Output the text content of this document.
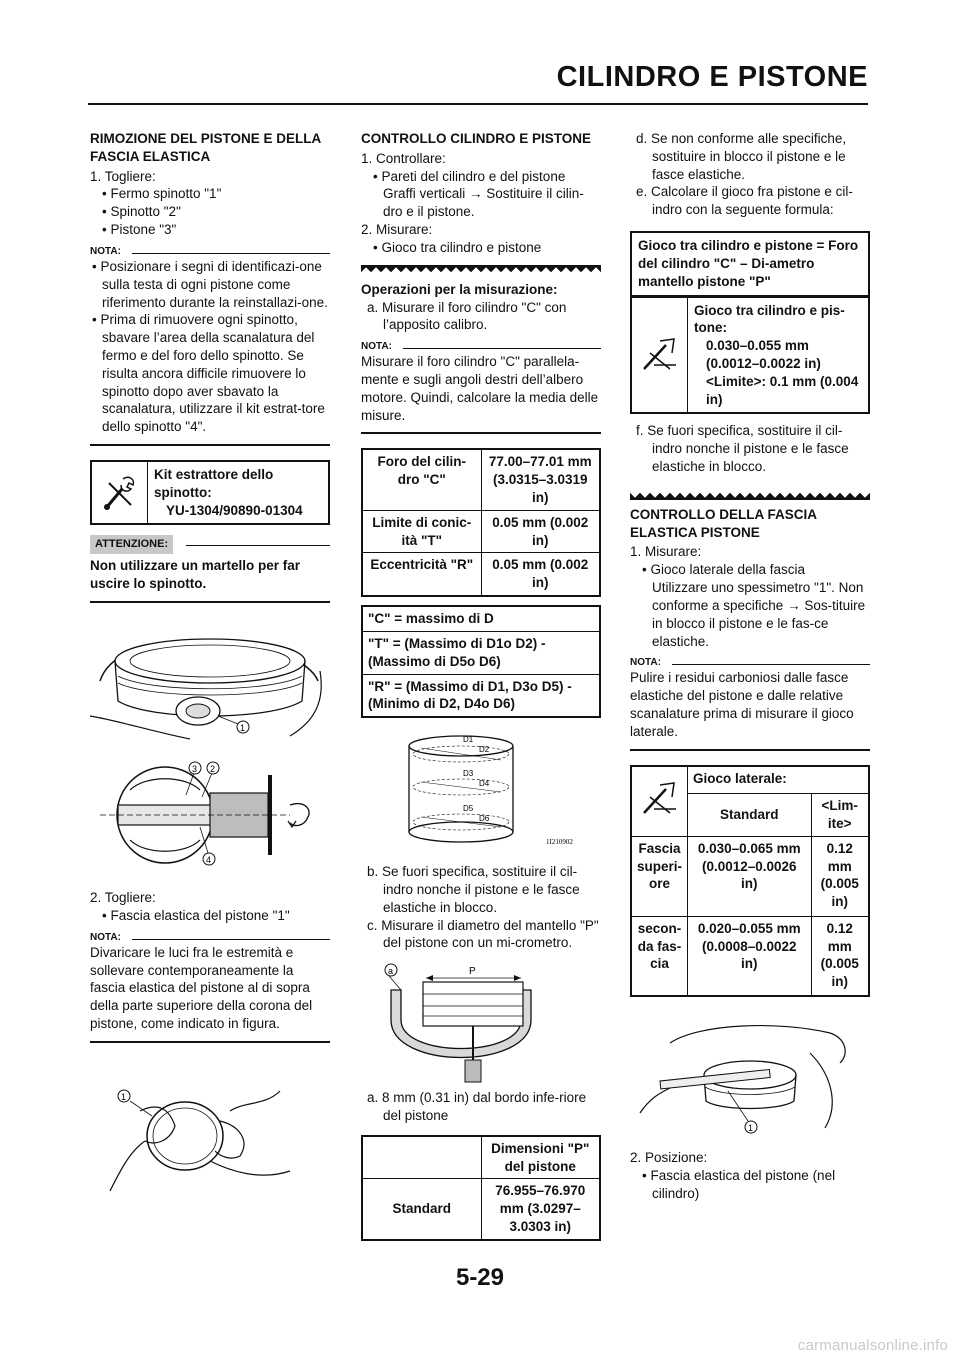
CILINDRO E PISTONE
RIMOZIONE DEL PISTONE E DELLA FASCIA ELASTICA
1. Togliere:
• Fermo spinotto "1"
• Spinotto "2"
• Pistone "3"
NOTA:
• Posizionare i segni di identificazi-one sulla testa di ogni pistone come riferimento durante la reinstallazi-one.
• Prima di rimuovere ogni spinotto, sbavare l’area della scanalatura del fermo e del foro dello spinotto. Se risulta ancora difficile rimuovere lo spinotto dopo aver sbavato la scanalatura, utilizzare il kit estrat-tore dello spinotto "4".
Kit estrattore dello spinotto:
YU-1304/90890-01304
ATTENZIONE:
Non utilizzare un martello per far uscire lo spinotto.
1
3 2
4
2. Togliere:
• Fascia elastica del pistone "1"
NOTA:
Divaricare le luci fra le estremità e sollevare contemporaneamente la fascia elastica del pistone al di sopra della parte superiore della corona del pistone, come indicato in figura.
1
CONTROLLO CILINDRO E PISTONE
1. Controllare:
• Pareti del cilindro e del pistone
Graffi verticali → Sostituire il cilin-dro e il pistone.
2. Misurare:
• Gioco tra cilindro e pistone
Operazioni per la misurazione:
a. Misurare il foro cilindro "C" con l’apposito calibro.
NOTA:
Misurare il foro cilindro "C" parallela-mente e sugli angoli destri dell’albero motore. Quindi, calcolare la media delle misure.
Foro del cilin-dro "C"	77.00–77.01 mm (3.0315–3.0319 in)
Limite di conic-ità "T"	0.05 mm (0.002 in)
Eccentricità "R"	0.05 mm (0.002 in)
"C" = massimo di D
"T" = (Massimo di D1o D2) - (Massimo di D5o D6)
"R" = (Massimo di D1, D3o D5) - (Minimo di D2, D4o D6)
D1
D2
D3
D4
D5
D6
1I210902
b. Se fuori specifica, sostituire il cil-indro nonche il pistone e le fasce elastiche in blocco.
c. Misurare il diametro del mantello "P" del pistone con un mi-crometro.
a	P
a. 8 mm (0.31 in) dal bordo infe-riore del pistone
	Dimensioni "P" del pistone
Standard	76.955–76.970 mm (3.0297–3.0303 in)
d. Se non conforme alle specifiche, sostituire in blocco il pistone e le fasce elastiche.
e. Calcolare il gioco fra pistone e cil-indro con la seguente formula:
Gioco tra cilindro e pistone = Foro del cilindro "C" – Di-ametro mantello pistone "P"
Gioco tra cilindro e pis-tone:
0.030–0.055 mm (0.0012–0.0022 in)
<Limite>: 0.1 mm (0.004 in)
f. Se fuori specifica, sostituire il cil-indro nonche il pistone e le fasce elastiche in blocco.
CONTROLLO DELLA FASCIA ELASTICA PISTONE
1. Misurare:
• Gioco laterale della fascia
Utilizzare uno spessimetro "1". Non conforme a specifiche → Sos-tituire in blocco il pistone e le fas-ce elastiche.
NOTA:
Pulire i residui carboniosi dalle fasce elastiche del pistone e dalle relative scanalature prima di misurare il gioco laterale.
	Gioco laterale:	
	Standard	<Lim-ite>
Fascia superi-ore	0.030–0.065 mm (0.0012–0.0026 in)	0.12 mm (0.005 in)
secon-da fas-cia	0.020–0.055 mm (0.0008–0.0022 in)	0.12 mm (0.005 in)
1
2. Posizione:
• Fascia elastica del pistone (nel cilindro)
5-29
carmanualsonline.info
